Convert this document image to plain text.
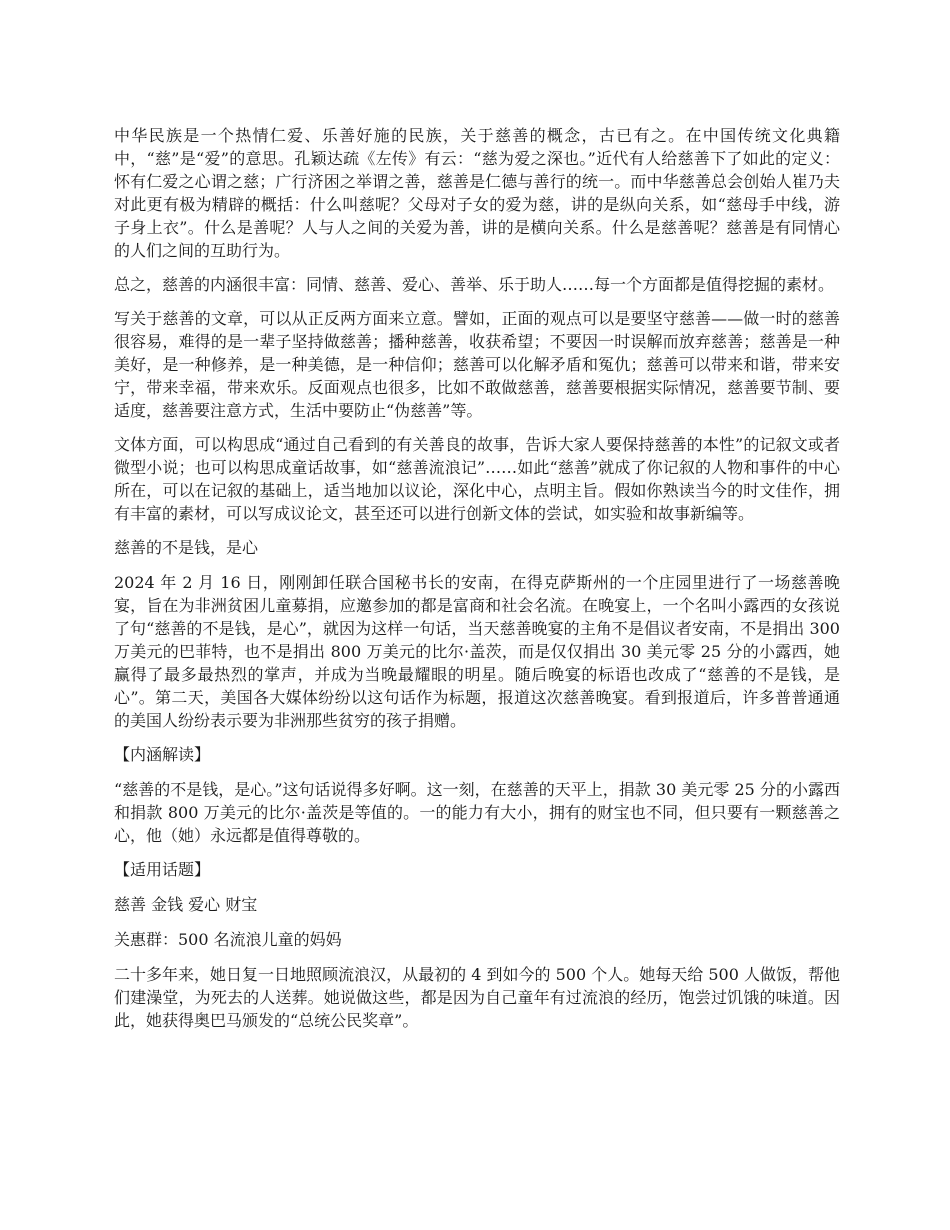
中华民族是一个热情仁爱、乐善好施的民族，关于慈善的概念，古已有之。在中国传统文化典籍中，“慈”是“爱”的意思。孔颖达疏《左传》有云：“慈为爱之深也。”近代有人给慈善下了如此的定义：怀有仁爱之心谓之慈；广行济困之举谓之善，慈善是仁德与善行的统一。而中华慈善总会创始人崔乃夫对此更有极为精辟的概括：什么叫慈呢？父母对子女的爱为慈，讲的是纵向关系，如“慈母手中线，游子身上衣”。什么是善呢？人与人之间的关爱为善，讲的是横向关系。什么是慈善呢？慈善是有同情心的人们之间的互助行为。

总之，慈善的内涵很丰富：同情、慈善、爱心、善举、乐于助人……每一个方面都是值得挖掘的素材。

写关于慈善的文章，可以从正反两方面来立意。譬如，正面的观点可以是要坚守慈善——做一时的慈善很容易，难得的是一辈子坚持做慈善；播种慈善，收获希望；不要因一时误解而放弃慈善；慈善是一种美好，是一种修养，是一种美德，是一种信仰；慈善可以化解矛盾和冤仇；慈善可以带来和谐，带来安宁，带来幸福，带来欢乐。反面观点也很多，比如不敢做慈善，慈善要根据实际情况，慈善要节制、要适度，慈善要注意方式，生活中要防止“伪慈善”等。

文体方面，可以构思成“通过自己看到的有关善良的故事，告诉大家人要保持慈善的本性”的记叙文或者微型小说；也可以构思成童话故事，如“慈善流浪记”……如此“慈善”就成了你记叙的人物和事件的中心所在，可以在记叙的基础上，适当地加以议论，深化中心，点明主旨。假如你熟读当今的时文佳作，拥有丰富的素材，可以写成议论文，甚至还可以进行创新文体的尝试，如实验和故事新编等。

慈善的不是钱，是心

2024 年 2 月 16 日，刚刚卸任联合国秘书长的安南，在得克萨斯州的一个庄园里进行了一场慈善晚宴，旨在为非洲贫困儿童募捐，应邀参加的都是富商和社会名流。在晚宴上，一个名叫小露西的女孩说了句“慈善的不是钱，是心”，就因为这样一句话，当天慈善晚宴的主角不是倡议者安南，不是捐出 300 万美元的巴菲特，也不是捐出 800 万美元的比尔·盖茨，而是仅仅捐出 30 美元零 25 分的小露西，她赢得了最多最热烈的掌声，并成为当晚最耀眼的明星。随后晚宴的标语也改成了“慈善的不是钱，是心”。第二天，美国各大媒体纷纷以这句话作为标题，报道这次慈善晚宴。看到报道后，许多普普通通的美国人纷纷表示要为非洲那些贫穷的孩子捐赠。

【内涵解读】

“慈善的不是钱，是心。”这句话说得多好啊。这一刻，在慈善的天平上，捐款 30 美元零 25 分的小露西和捐款 800 万美元的比尔·盖茨是等值的。一的能力有大小，拥有的财宝也不同，但只要有一颗慈善之心，他（她）永远都是值得尊敬的。

【适用话题】

慈善 金钱 爱心 财宝

关惠群：500 名流浪儿童的妈妈

二十多年来，她日复一日地照顾流浪汉，从最初的 4 到如今的 500 个人。她每天给 500 人做饭，帮他们建澡堂，为死去的人送葬。她说做这些，都是因为自己童年有过流浪的经历，饱尝过饥饿的味道。因此，她获得奥巴马颁发的“总统公民奖章”。
